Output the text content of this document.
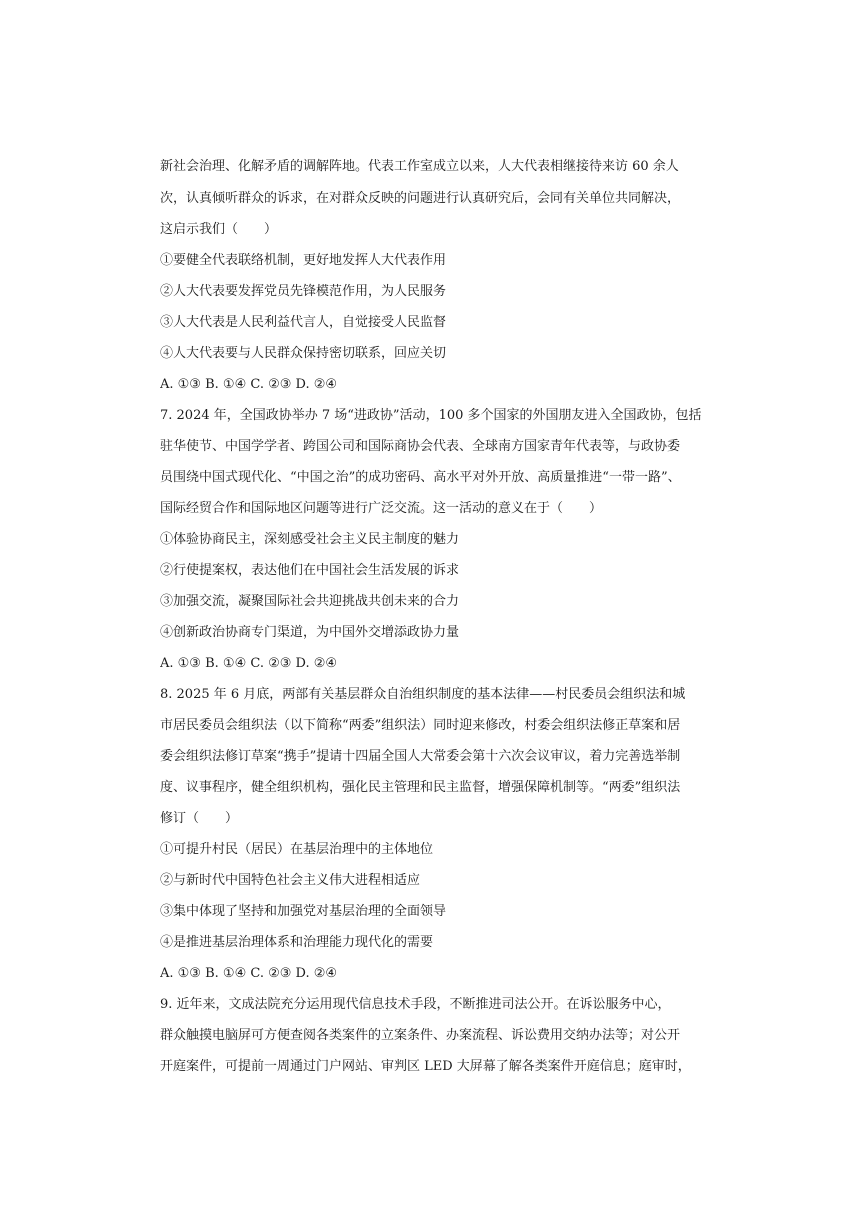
新社会治理、化解矛盾的调解阵地。代表工作室成立以来，人大代表相继接待来访 60 余人
次，认真倾听群众的诉求，在对群众反映的问题进行认真研究后，会同有关单位共同解决，
这启示我们（　　）
①要健全代表联络机制，更好地发挥人大代表作用
②人大代表要发挥党员先锋模范作用，为人民服务
③人大代表是人民利益代言人，自觉接受人民监督
④人大代表要与人民群众保持密切联系，回应关切
A. ①③ B. ①④ C. ②③ D. ②④
7. 2024 年，全国政协举办 7 场“进政协”活动，100 多个国家的外国朋友进入全国政协，包括
驻华使节、中国学学者、跨国公司和国际商协会代表、全球南方国家青年代表等，与政协委
员围绕中国式现代化、“中国之治”的成功密码、高水平对外开放、高质量推进“一带一路”、
国际经贸合作和国际地区问题等进行广泛交流。这一活动的意义在于（　　）
①体验协商民主，深刻感受社会主义民主制度的魅力
②行使提案权，表达他们在中国社会生活发展的诉求
③加强交流，凝聚国际社会共迎挑战共创未来的合力
④创新政治协商专门渠道，为中国外交增添政协力量
A. ①③ B. ①④ C. ②③ D. ②④
8. 2025 年 6 月底，两部有关基层群众自治组织制度的基本法律——村民委员会组织法和城
市居民委员会组织法（以下简称“两委”组织法）同时迎来修改，村委会组织法修正草案和居
委会组织法修订草案“携手”提请十四届全国人大常委会第十六次会议审议，着力完善选举制
度、议事程序，健全组织机构，强化民主管理和民主监督，增强保障机制等。“两委”组织法
修订（　　）
①可提升村民（居民）在基层治理中的主体地位
②与新时代中国特色社会主义伟大进程相适应
③集中体现了坚持和加强党对基层治理的全面领导
④是推进基层治理体系和治理能力现代化的需要
A. ①③ B. ①④ C. ②③ D. ②④
9. 近年来，文成法院充分运用现代信息技术手段，不断推进司法公开。在诉讼服务中心，
群众触摸电脑屏可方便查阅各类案件的立案条件、办案流程、诉讼费用交纳办法等；对公开
开庭案件，可提前一周通过门户网站、审判区 LED 大屏幕了解各类案件开庭信息；庭审时，
